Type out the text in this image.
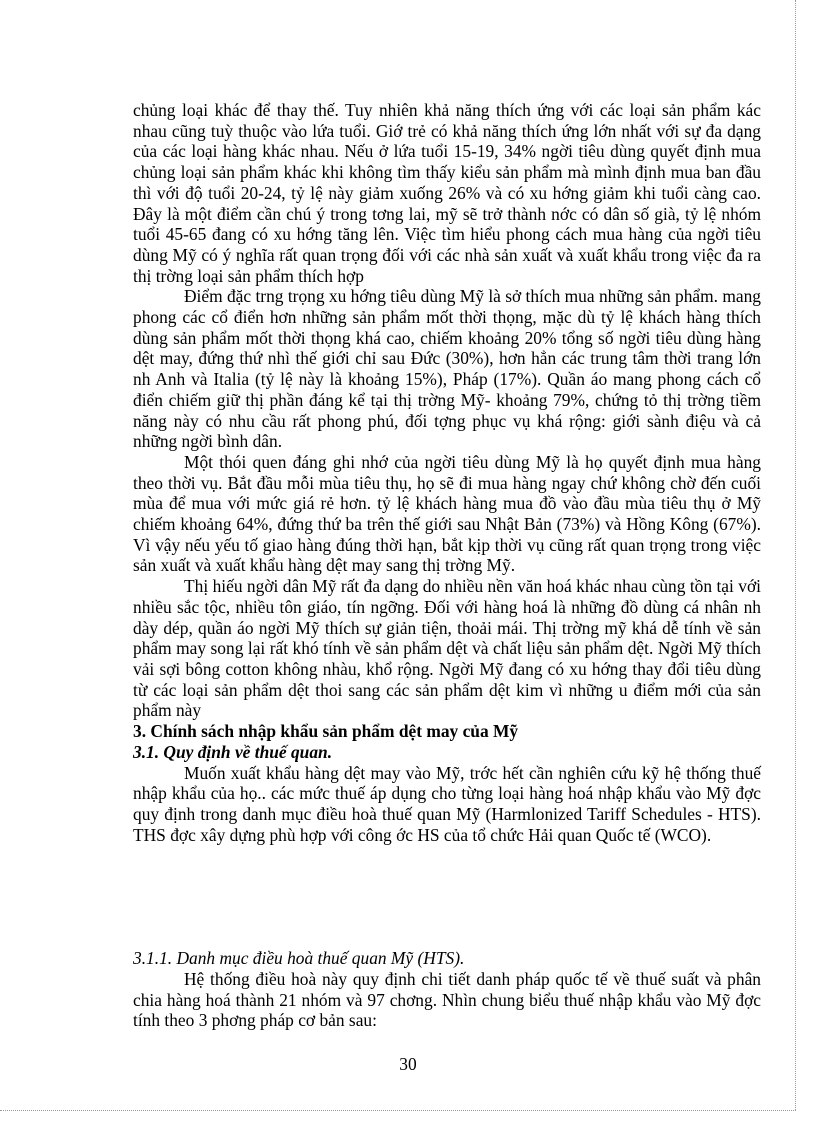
chủng loại khác để thay thế. Tuy nhiên khả năng thích ứng với các loại sản phẩm kác nhau cũng tuỳ thuộc vào lứa tuổi. Giớ trẻ có khả năng thích ứng lớn nhất với sự đa dạng của các loại hàng khác nhau. Nếu ở lứa tuổi 15-19, 34% ngời tiêu dùng quyết định mua chủng loại sản phẩm khác khi không tìm thấy kiểu sản phẩm mà mình định mua ban đầu thì với độ tuổi 20-24, tỷ lệ này giảm xuống 26% và có xu hớng giảm khi tuổi càng cao. Đây là một điểm cần chú ý trong tơng lai, mỹ sẽ trở thành nớc có dân số già, tỷ lệ nhóm tuổi 45-65 đang có xu hớng tăng lên. Việc tìm hiểu phong cách mua hàng của ngời tiêu dùng Mỹ có ý nghĩa rất quan trọng đối với các nhà sản xuất và xuất khẩu trong việc đa ra thị trờng loại sản phẩm thích hợp

Điểm đặc trng trọng xu hớng tiêu dùng Mỹ là sở thích mua những sản phẩm. mang phong các cổ điển hơn những sản phẩm mốt thời thọng, mặc dù tỷ lệ khách hàng thích dùng sản phẩm mốt thời thọng khá cao, chiếm khoảng 20% tổng số ngời tiêu dùng hàng dệt may, đứng thứ nhì thế giới chỉ sau Đức (30%), hơn hẳn các trung tâm thời trang lớn nh Anh và Italia (tỷ lệ này là khoảng 15%), Pháp (17%). Quần áo mang phong cách cổ điển chiếm giữ thị phần đáng kể tại thị trờng Mỹ- khoảng 79%, chứng tỏ thị trờng tiềm năng này có nhu cầu rất phong phú, đối tợng phục vụ khá rộng: giới sành điệu và cả những ngời bình dân.

Một thói quen đáng ghi nhớ của ngời tiêu dùng Mỹ là họ quyết định mua hàng theo thời vụ. Bắt đầu mỗi mùa tiêu thụ, họ sẽ đi mua hàng ngay chứ không chờ đến cuối mùa để mua với mức giá rẻ hơn. tỷ lệ khách hàng mua đồ vào đầu mùa tiêu thụ ở Mỹ chiếm khoảng 64%, đứng thứ ba trên thế giới sau Nhật Bản (73%) và Hồng Kông (67%). Vì vậy nếu yếu tố giao hàng đúng thời hạn, bắt kịp thời vụ cũng rất quan trọng trong việc sản xuất và xuất khẩu hàng dệt may sang thị trờng Mỹ.

Thị hiếu ngời dân Mỹ rất đa dạng do nhiều nền văn hoá khác nhau cùng tồn tại với nhiều sắc tộc, nhiều tôn giáo, tín ngỡng. Đối với hàng hoá là những đồ dùng cá nhân nh dày dép, quần áo ngời Mỹ thích sự giản tiện, thoải mái. Thị trờng mỹ khá dễ tính về sản phẩm may song lại rất khó tính về sản phẩm dệt và chất liệu sản phẩm dệt. Ngời Mỹ thích vải sợi bông cotton không nhàu, khổ rộng. Ngời Mỹ đang có xu hớng thay đổi tiêu dùng từ các loại sản phẩm dệt thoi sang các sản phẩm dệt kim vì những u điểm mới của sản phẩm này

3. Chính sách nhập khẩu sản phẩm dệt may của Mỹ

3.1. Quy định về thuế quan.

Muốn xuất khẩu hàng dệt may vào Mỹ, trớc hết cần nghiên cứu kỹ hệ thống thuế nhập khẩu của họ.. các mức thuế áp dụng cho từng loại hàng hoá nhập khẩu vào Mỹ đợc quy định trong danh mục điều hoà thuế quan Mỹ (Harmlonized Tariff Schedules - HTS). THS đợc xây dựng phù hợp với công ớc HS của tổ chức Hải quan Quốc tế (WCO).

3.1.1. Danh mục điều hoà thuế quan Mỹ (HTS).

Hệ thống điều hoà này quy định chi tiết danh pháp quốc tế về thuế suất và phân chia hàng hoá thành 21 nhóm và 97 chơng. Nhìn chung biểu thuế nhập khẩu vào Mỹ đợc tính theo 3 phơng pháp cơ bản sau:

30
